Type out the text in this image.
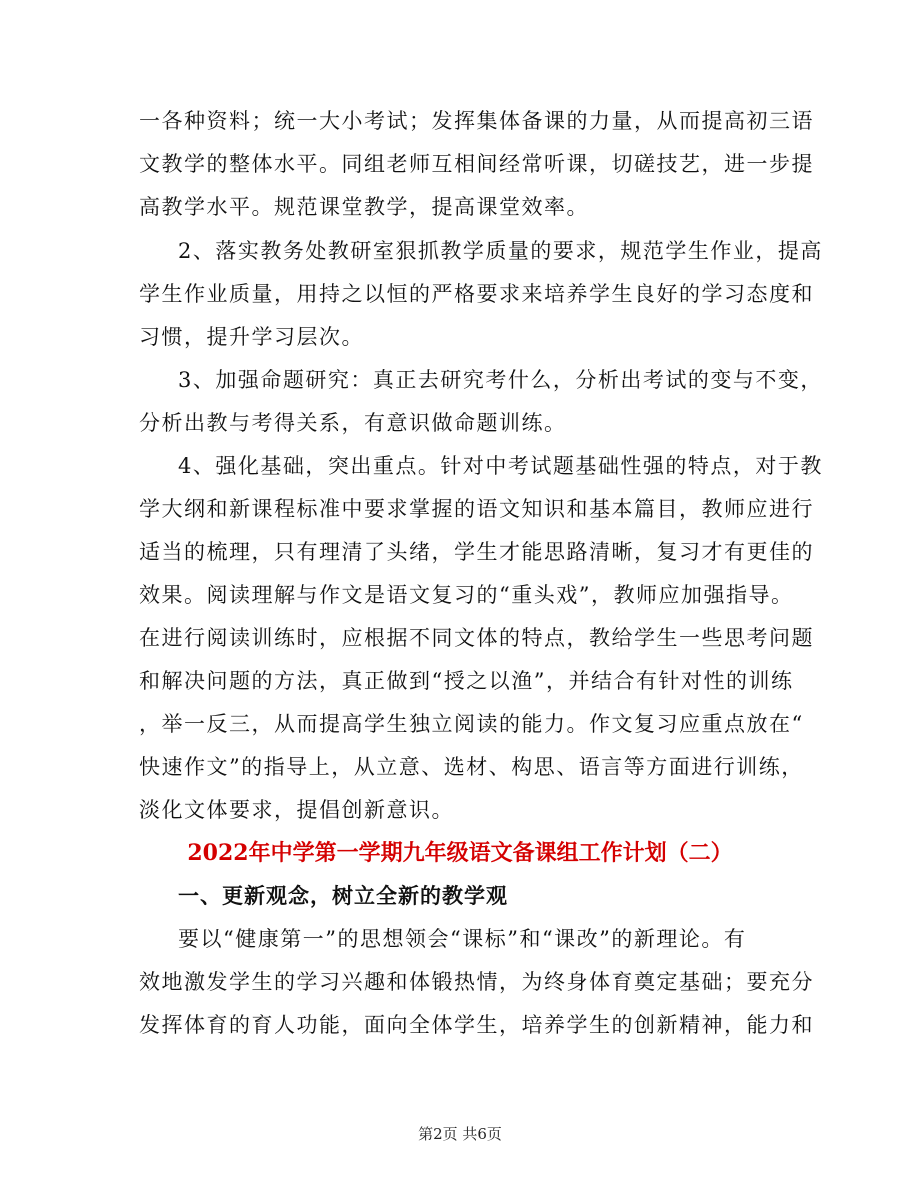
一各种资料；统一大小考试；发挥集体备课的力量，从而提高初三语
文教学的整体水平。同组老师互相间经常听课，切磋技艺，进一步提
高教学水平。规范课堂教学，提高课堂效率。
2、落实教务处教研室狠抓教学质量的要求，规范学生作业，提高
学生作业质量，用持之以恒的严格要求来培养学生良好的学习态度和
习惯，提升学习层次。
3、加强命题研究：真正去研究考什么，分析出考试的变与不变，
分析出教与考得关系，有意识做命题训练。
4、强化基础，突出重点。针对中考试题基础性强的特点，对于教
学大纲和新课程标准中要求掌握的语文知识和基本篇目，教师应进行
适当的梳理，只有理清了头绪，学生才能思路清晰，复习才有更佳的
效果。阅读理解与作文是语文复习的“重头戏”，教师应加强指导。
在进行阅读训练时，应根据不同文体的特点，教给学生一些思考问题
和解决问题的方法，真正做到“授之以渔”，并结合有针对性的训练
，举一反三，从而提高学生独立阅读的能力。作文复习应重点放在“
快速作文”的指导上，从立意、选材、构思、语言等方面进行训练，
淡化文体要求，提倡创新意识。
2022年中学第一学期九年级语文备课组工作计划（二）
一、更新观念，树立全新的教学观
要以“健康第一”的思想领会“课标”和“课改”的新理论。有
效地激发学生的学习兴趣和体锻热情，为终身体育奠定基础；要充分
发挥体育的育人功能，面向全体学生，培养学生的创新精神，能力和
第2页 共6页
